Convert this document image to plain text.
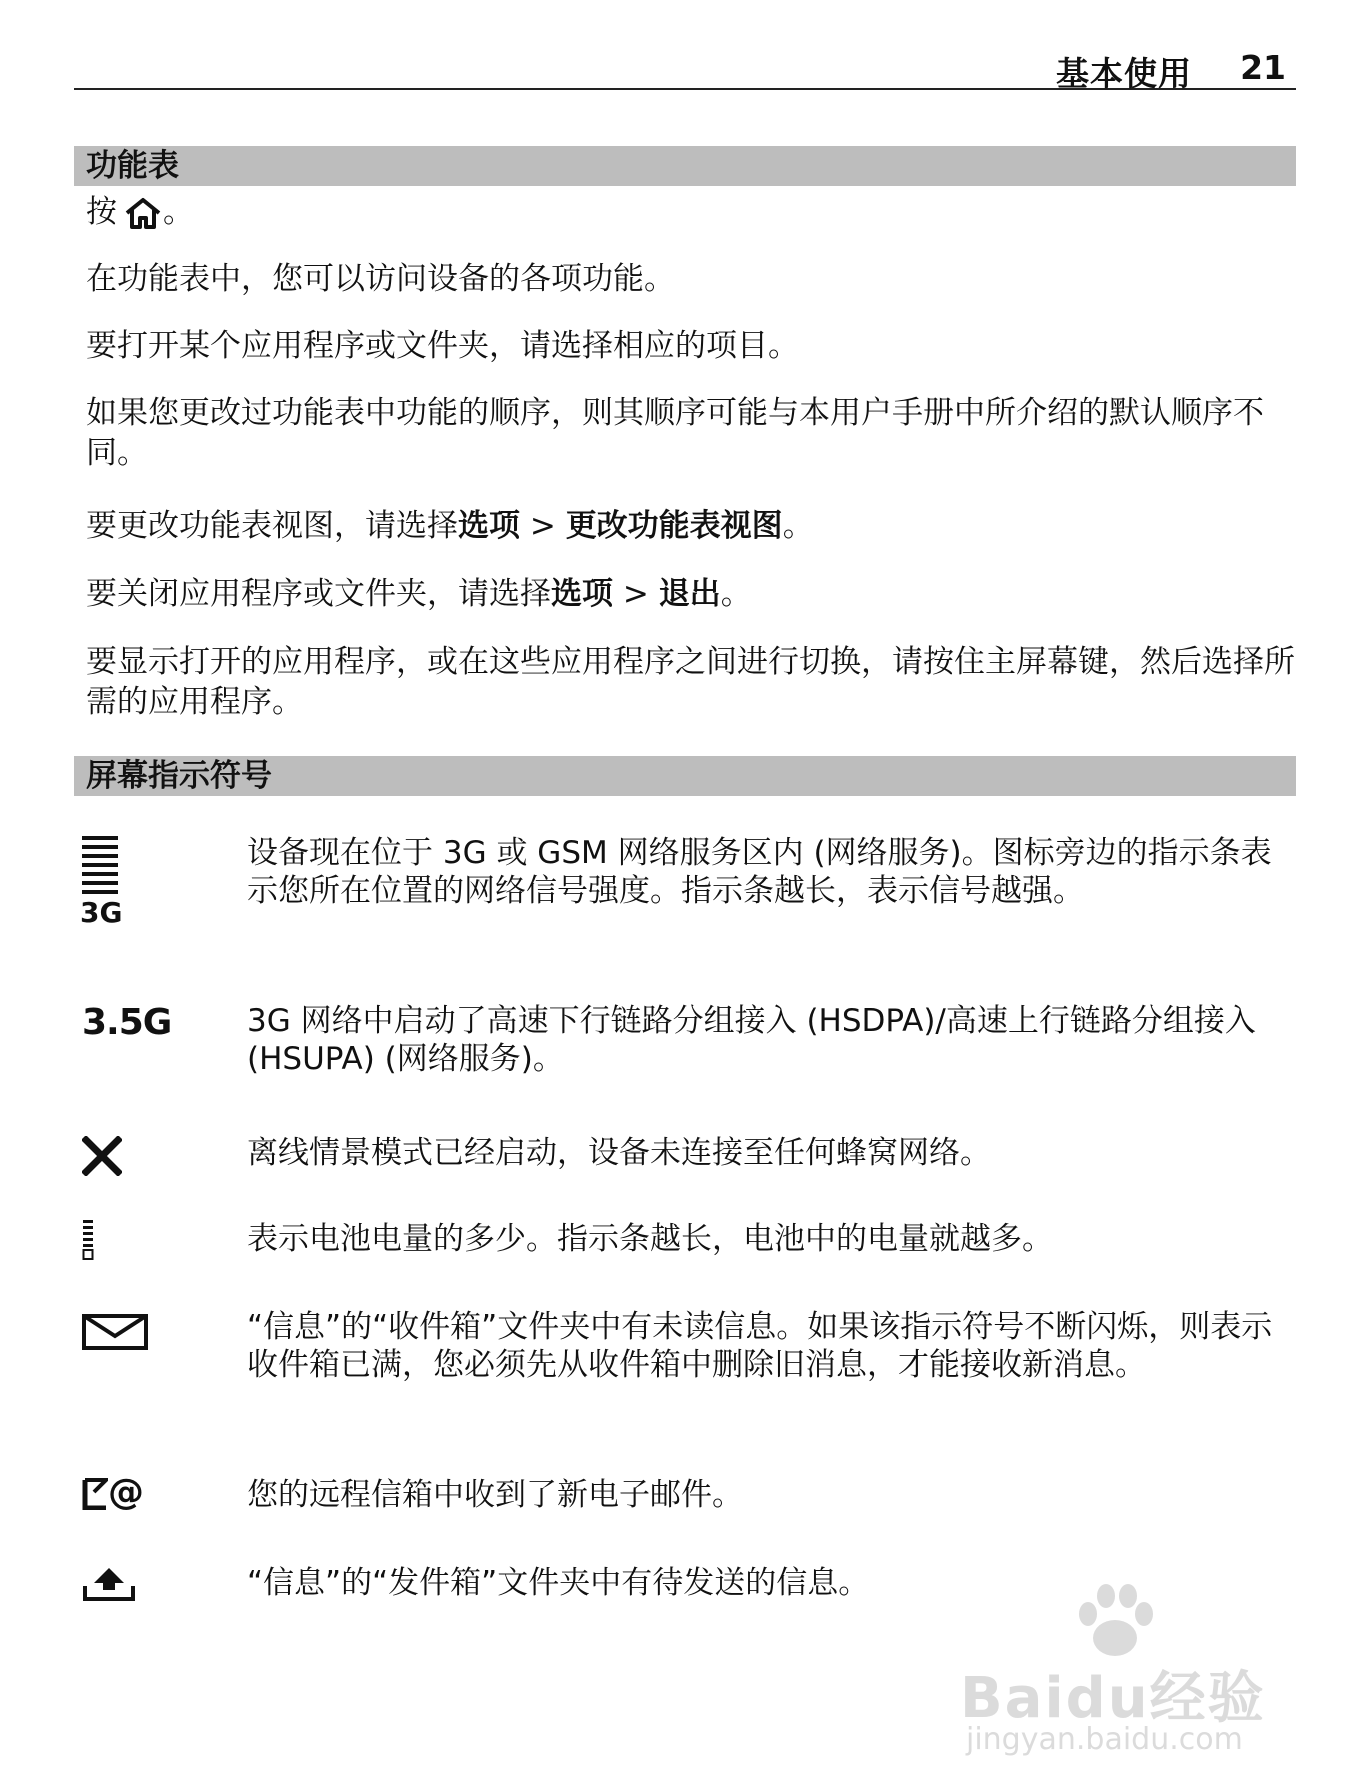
基本使用 21
功能表
按 。
在功能表中，您可以访问设备的各项功能。
要打开某个应用程序或文件夹，请选择相应的项目。
如果您更改过功能表中功能的顺序，则其顺序可能与本用户手册中所介绍的默认顺序不同。
要更改功能表视图，请选择选项 > 更改功能表视图。
要关闭应用程序或文件夹，请选择选项 > 退出。
要显示打开的应用程序，或在这些应用程序之间进行切换，请按住主屏幕键，然后选择所需的应用程序。
屏幕指示符号
3G
设备现在位于 3G 或 GSM 网络服务区内 (网络服务)。图标旁边的指示条表示您所在位置的网络信号强度。指示条越长，表示信号越强。
3.5G 3G 网络中启动了高速下行链路分组接入 (HSDPA)/高速上行链路分组接入 (HSUPA) (网络服务)。
离线情景模式已经启动，设备未连接至任何蜂窝网络。
表示电池电量的多少。指示条越长，电池中的电量就越多。
“信息”的“收件箱”文件夹中有未读信息。如果该指示符号不断闪烁，则表示收件箱已满，您必须先从收件箱中删除旧消息，才能接收新消息。
@	您的远程信箱中收到了新电子邮件。
“信息”的“发件箱”文件夹中有待发送的信息。
Baidu经验
jingyan.baidu.com
